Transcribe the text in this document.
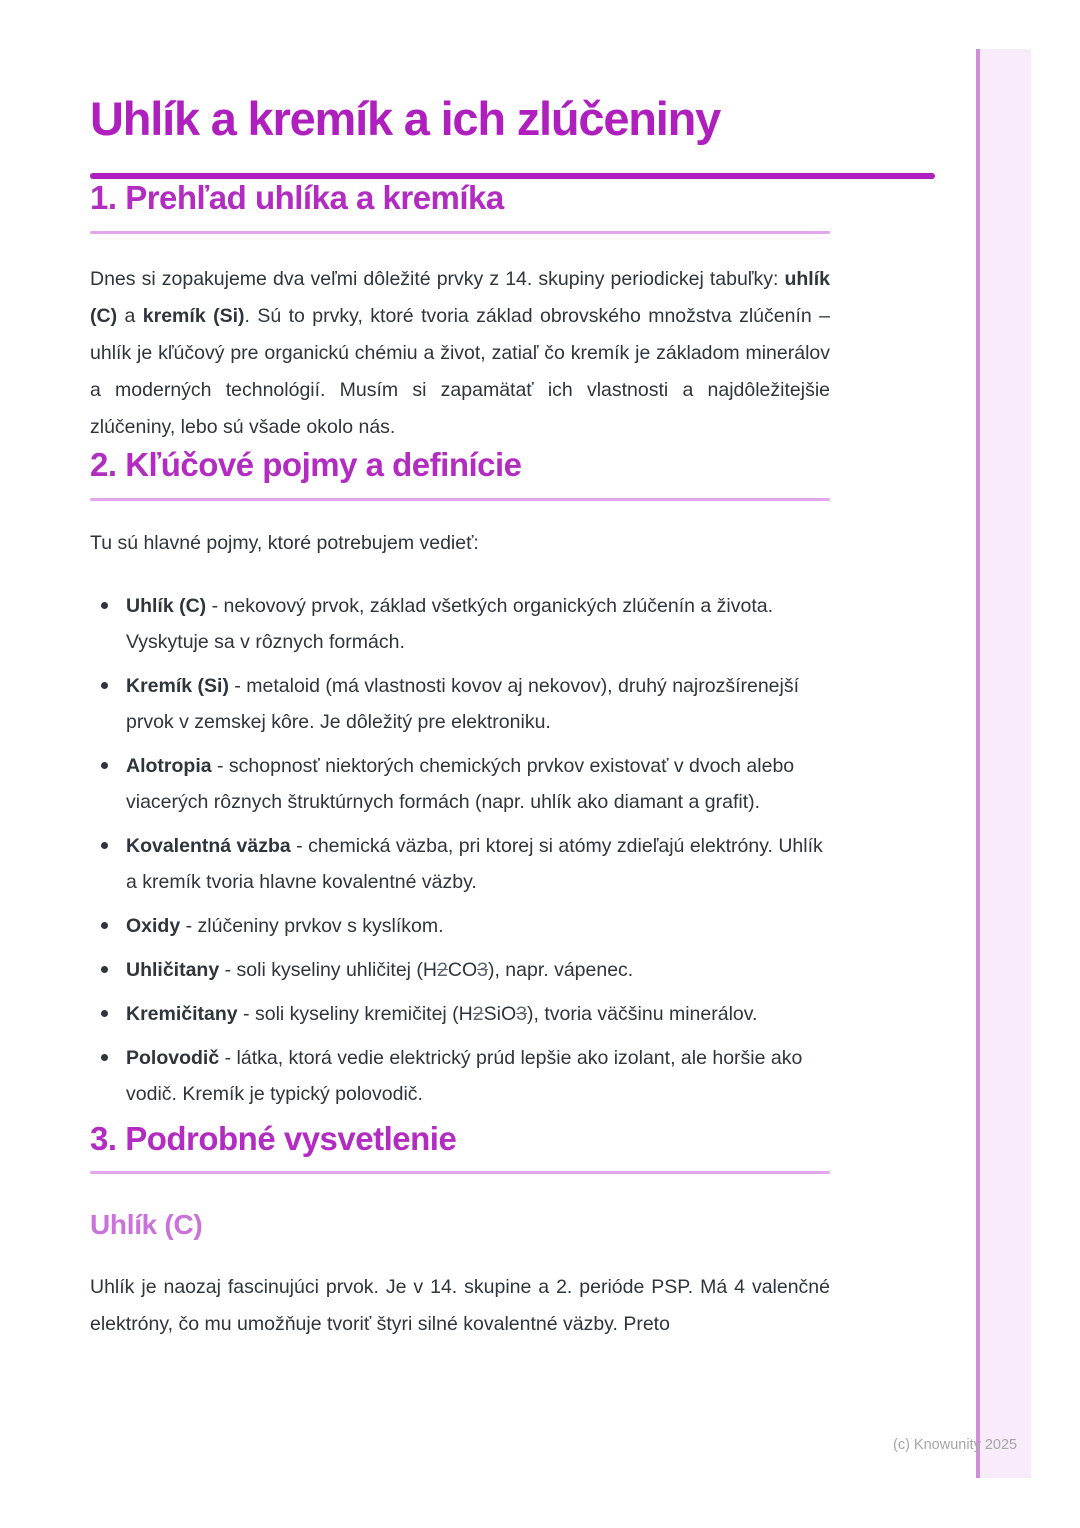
Uhlík a kremík a ich zlúčeniny
1. Prehľad uhlíka a kremíka

Dnes si zopakujeme dva veľmi dôležité prvky z 14. skupiny periodickej tabuľky: uhlík (C) a kremík (Si). Sú to prvky, ktoré tvoria základ obrovského množstva zlúčenín – uhlík je kľúčový pre organickú chémiu a život, zatiaľ čo kremík je základom minerálov a moderných technológií. Musím si zapamätať ich vlastnosti a najdôležitejšie zlúčeniny, lebo sú všade okolo nás.

2. Kľúčové pojmy a definície

Tu sú hlavné pojmy, ktoré potrebujem vedieť:

Uhlík (C) - nekovový prvok, základ všetkých organických zlúčenín a života. Vyskytuje sa v rôznych formách.
Kremík (Si) - metaloid (má vlastnosti kovov aj nekovov), druhý najrozšírenejší prvok v zemskej kôre. Je dôležitý pre elektroniku.
Alotropia - schopnosť niektorých chemických prvkov existovať v dvoch alebo viacerých rôznych štruktúrnych formách (napr. uhlík ako diamant a grafit).
Kovalentná väzba - chemická väzba, pri ktorej si atómy zdieľajú elektróny. Uhlík a kremík tvoria hlavne kovalentné väzby.
Oxidy - zlúčeniny prvkov s kyslíkom.
Uhličitany - soli kyseliny uhličitej (H2CO3), napr. vápenec.
Kremičitany - soli kyseliny kremičitej (H2SiO3), tvoria väčšinu minerálov.
Polovodič - látka, ktorá vedie elektrický prúd lepšie ako izolant, ale horšie ako vodič. Kremík je typický polovodič.
3. Podrobné vysvetlenie
Uhlík (C)

Uhlík je naozaj fascinujúci prvok. Je v 14. skupine a 2. perióde PSP. Má 4 valenčné elektróny, čo mu umožňuje tvoriť štyri silné kovalentné väzby. Preto

(c) Knowunity 2025
